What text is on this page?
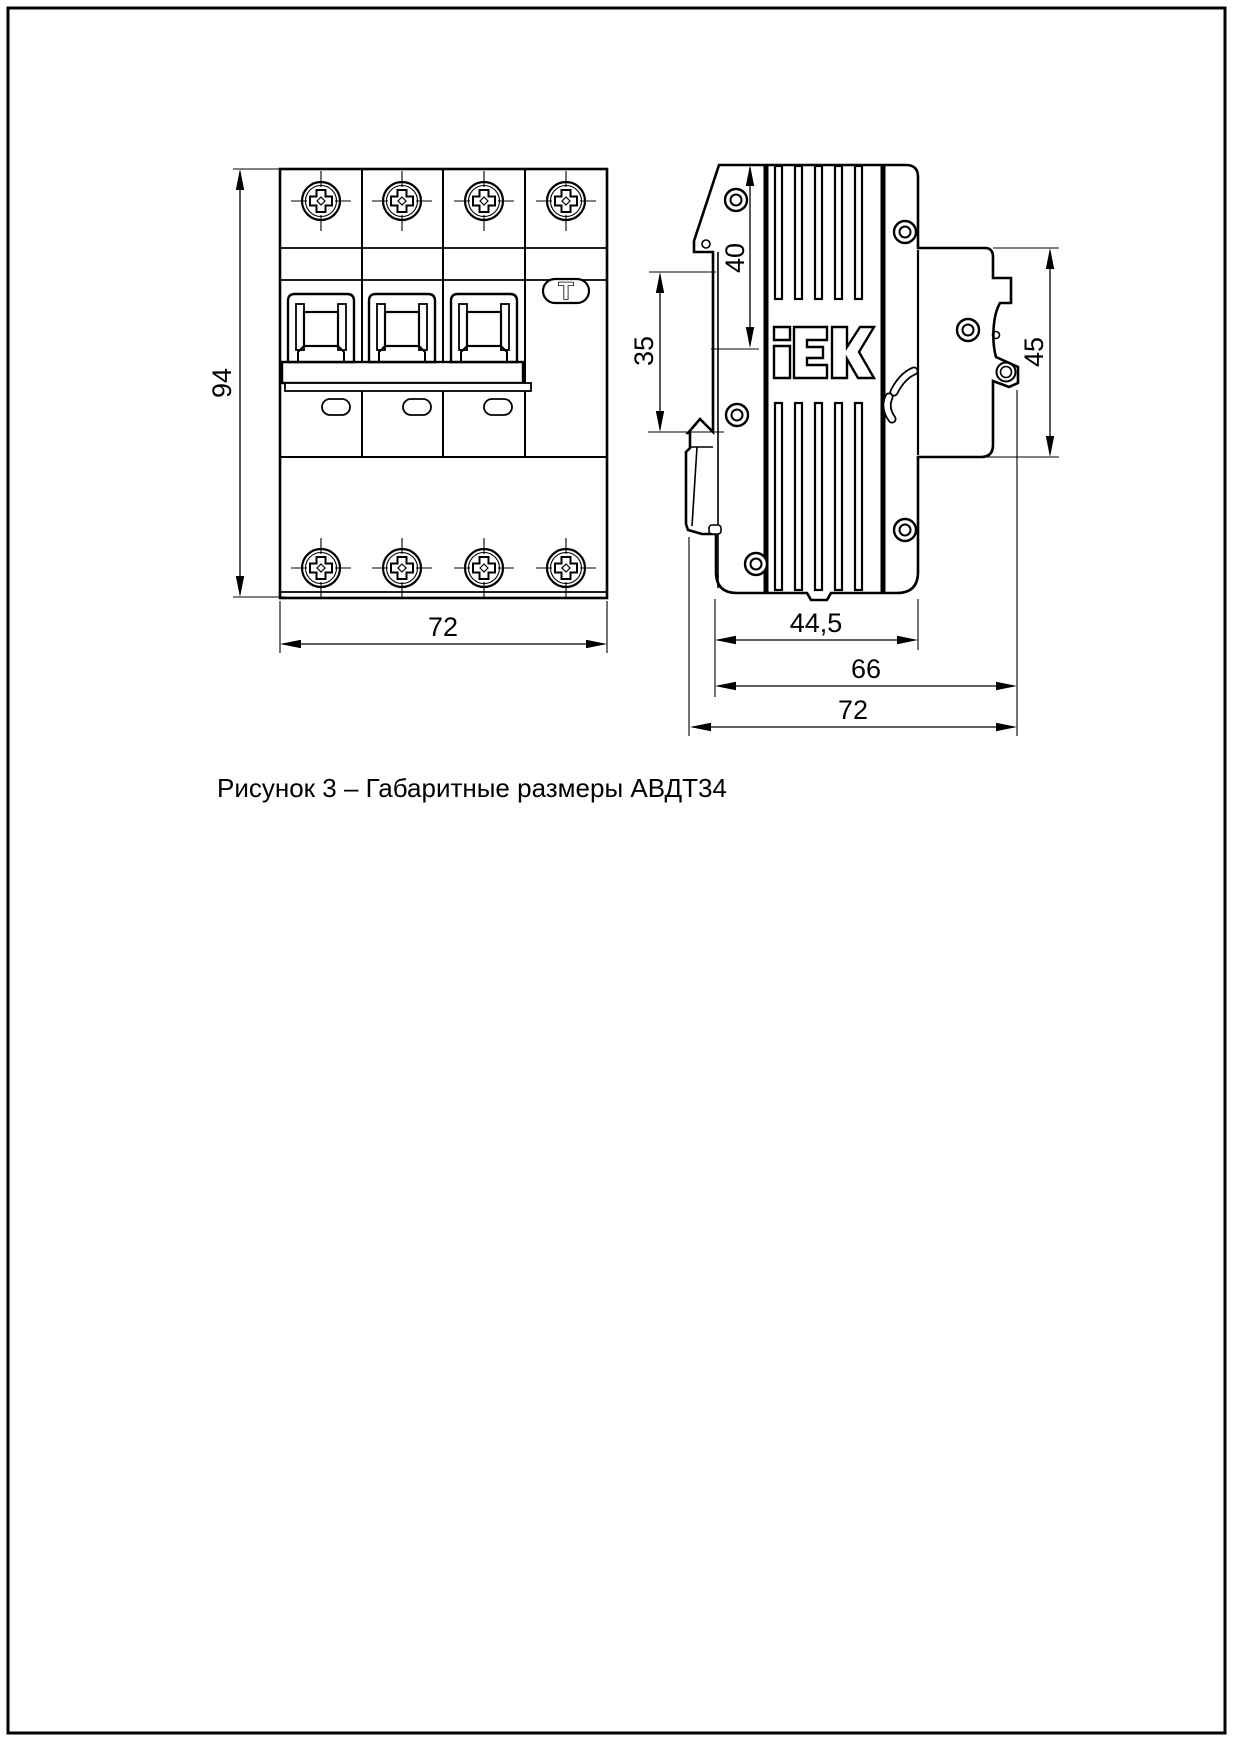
T
94
72
40
35	45
44,5
66
72
Рисунок 3 – Габаритные размеры АВДТ34
